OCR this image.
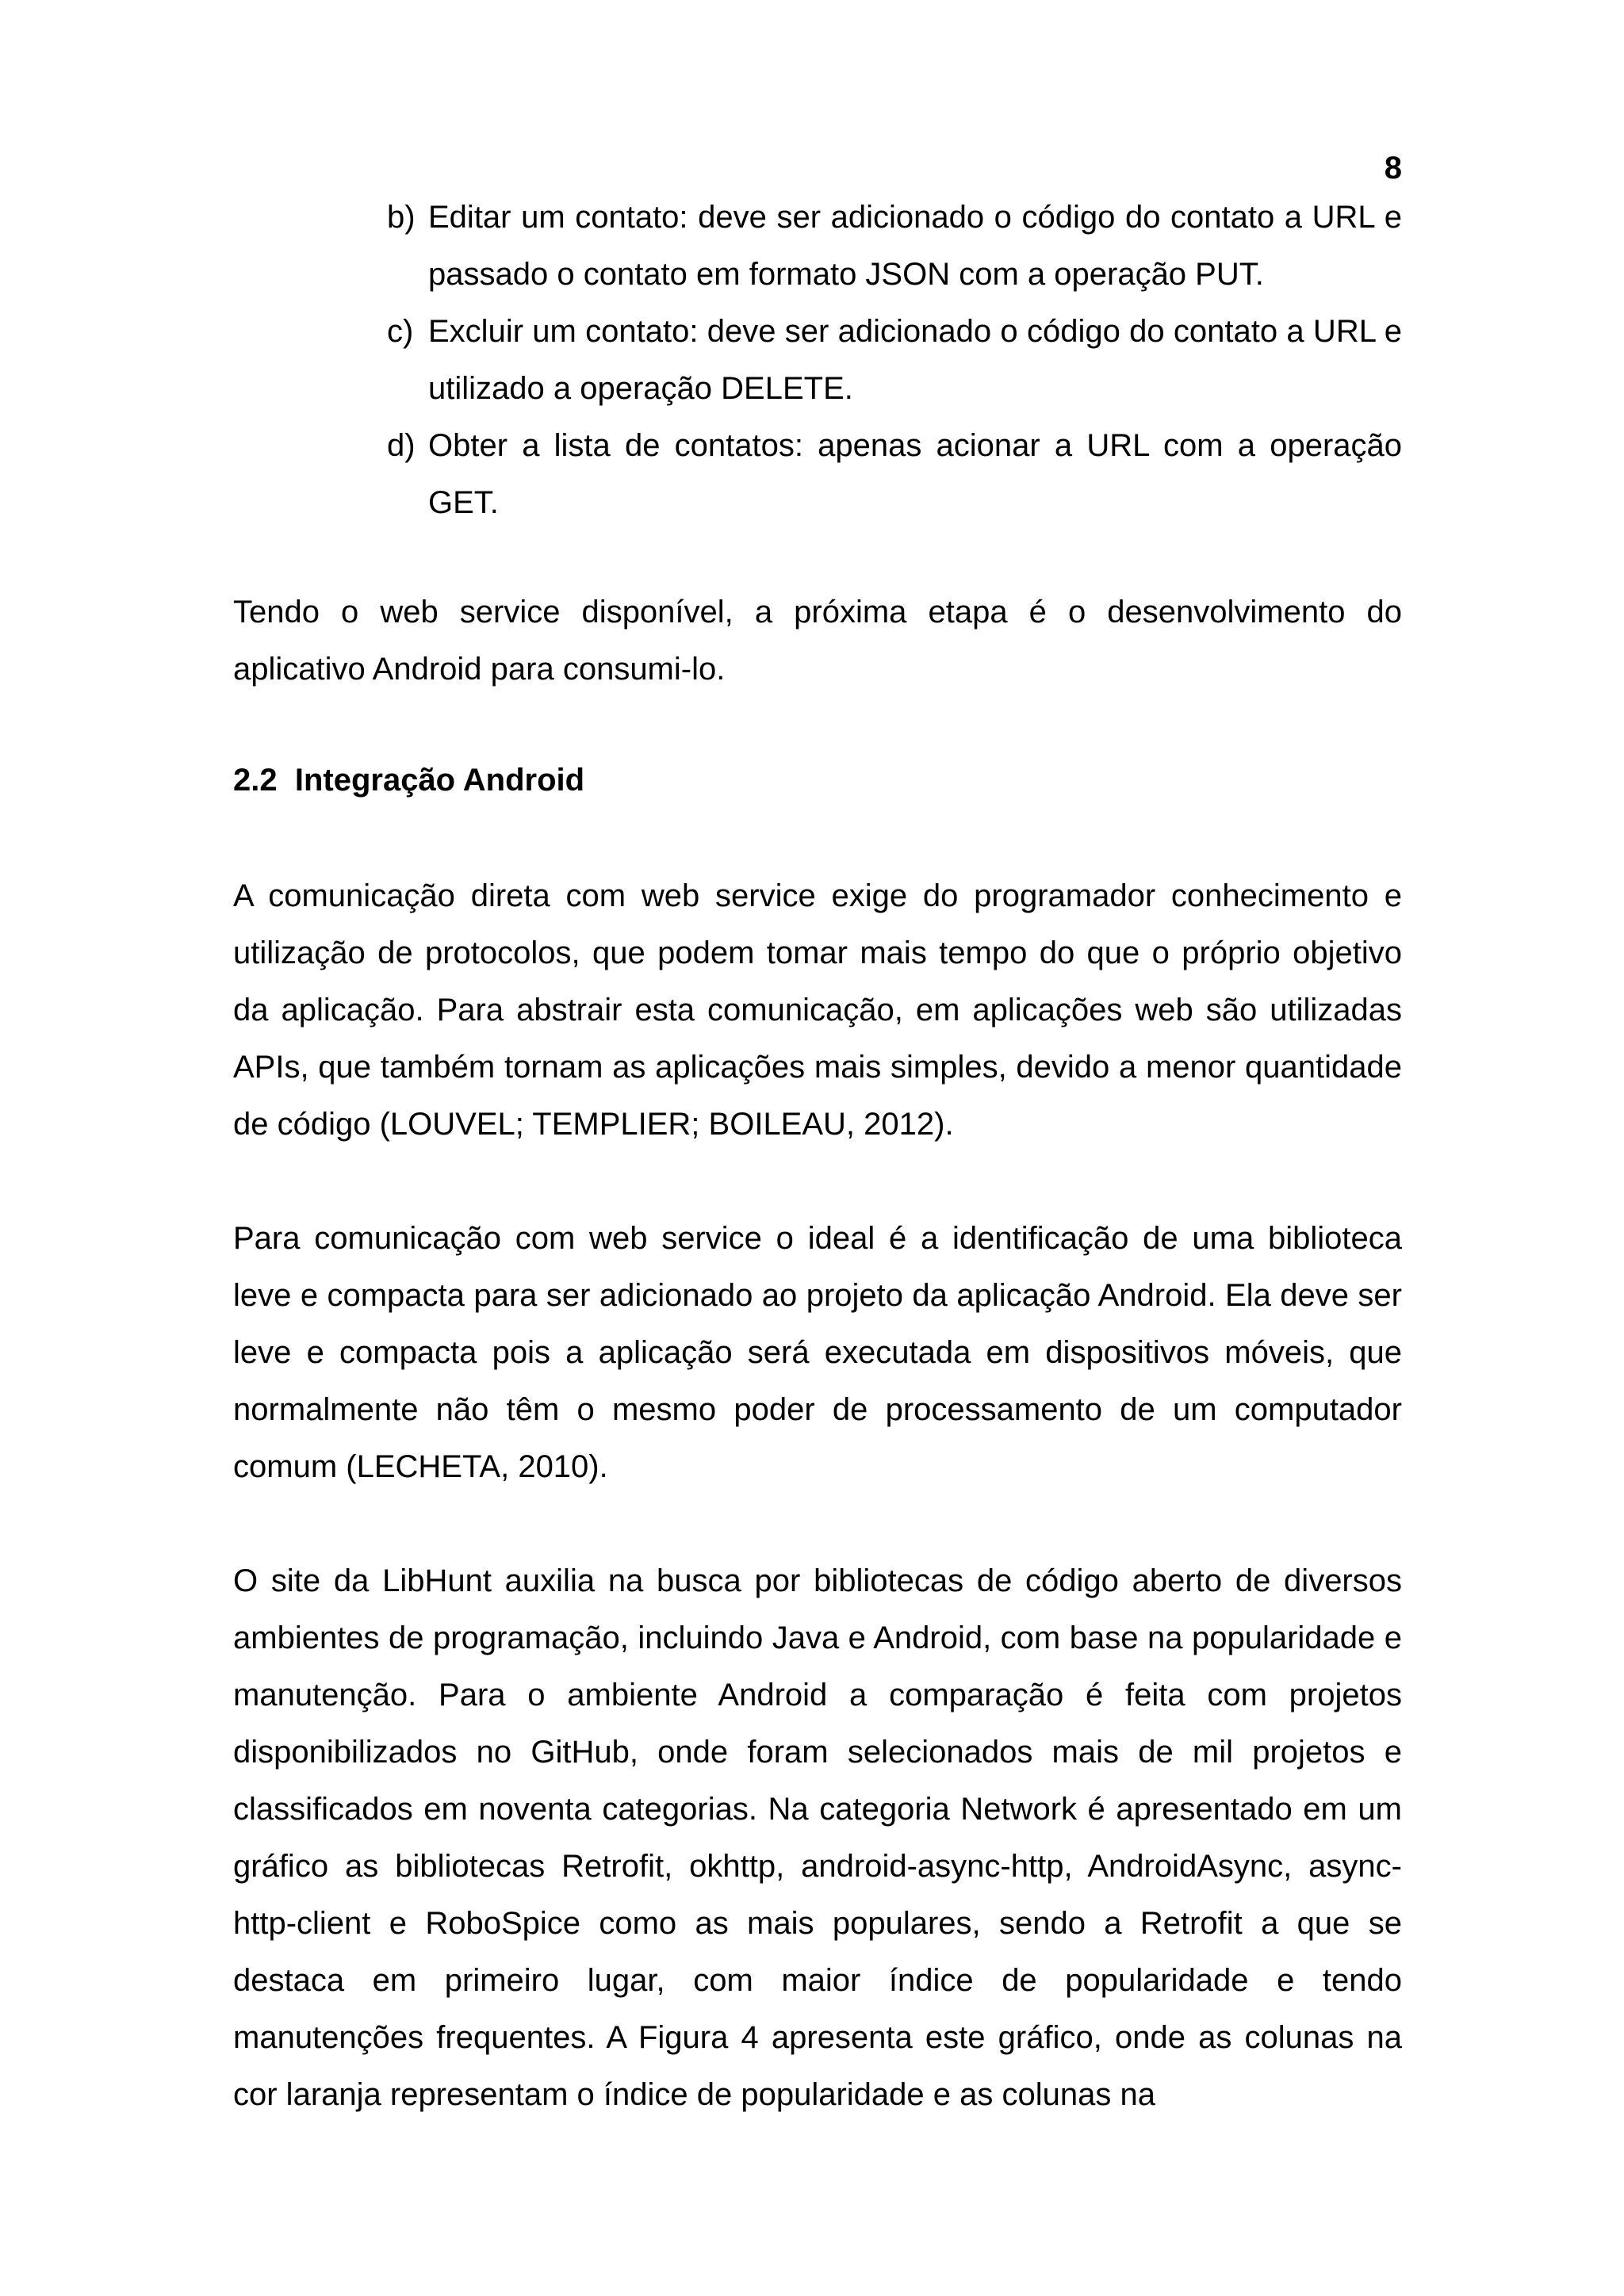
8
b) Editar um contato: deve ser adicionado o código do contato a URL e passado o contato em formato JSON com a operação PUT.
c) Excluir um contato: deve ser adicionado o código do contato a URL e utilizado a operação DELETE.
d) Obter a lista de contatos: apenas acionar a URL com a operação GET.

Tendo o web service disponível, a próxima etapa é o desenvolvimento do aplicativo Android para consumi-lo.

2.2  Integração Android

A comunicação direta com web service exige do programador conhecimento e utilização de protocolos, que podem tomar mais tempo do que o próprio objetivo da aplicação. Para abstrair esta comunicação, em aplicações web são utilizadas APIs, que também tornam as aplicações mais simples, devido a menor quantidade de código (LOUVEL; TEMPLIER; BOILEAU, 2012).

Para comunicação com web service o ideal é a identificação de uma biblioteca leve e compacta para ser adicionado ao projeto da aplicação Android. Ela deve ser leve e compacta pois a aplicação será executada em dispositivos móveis, que normalmente não têm o mesmo poder de processamento de um computador comum (LECHETA, 2010).

O site da LibHunt auxilia na busca por bibliotecas de código aberto de diversos ambientes de programação, incluindo Java e Android, com base na popularidade e manutenção. Para o ambiente Android a comparação é feita com projetos disponibilizados no GitHub, onde foram selecionados mais de mil projetos e classificados em noventa categorias. Na categoria Network é apresentado em um gráfico as bibliotecas Retrofit, okhttp, android-async-http, AndroidAsync, async-http-client e RoboSpice como as mais populares, sendo a Retrofit a que se destaca em primeiro lugar, com maior índice de popularidade e tendo manutenções frequentes. A Figura 4 apresenta este gráfico, onde as colunas na cor laranja representam o índice de popularidade e as colunas na
